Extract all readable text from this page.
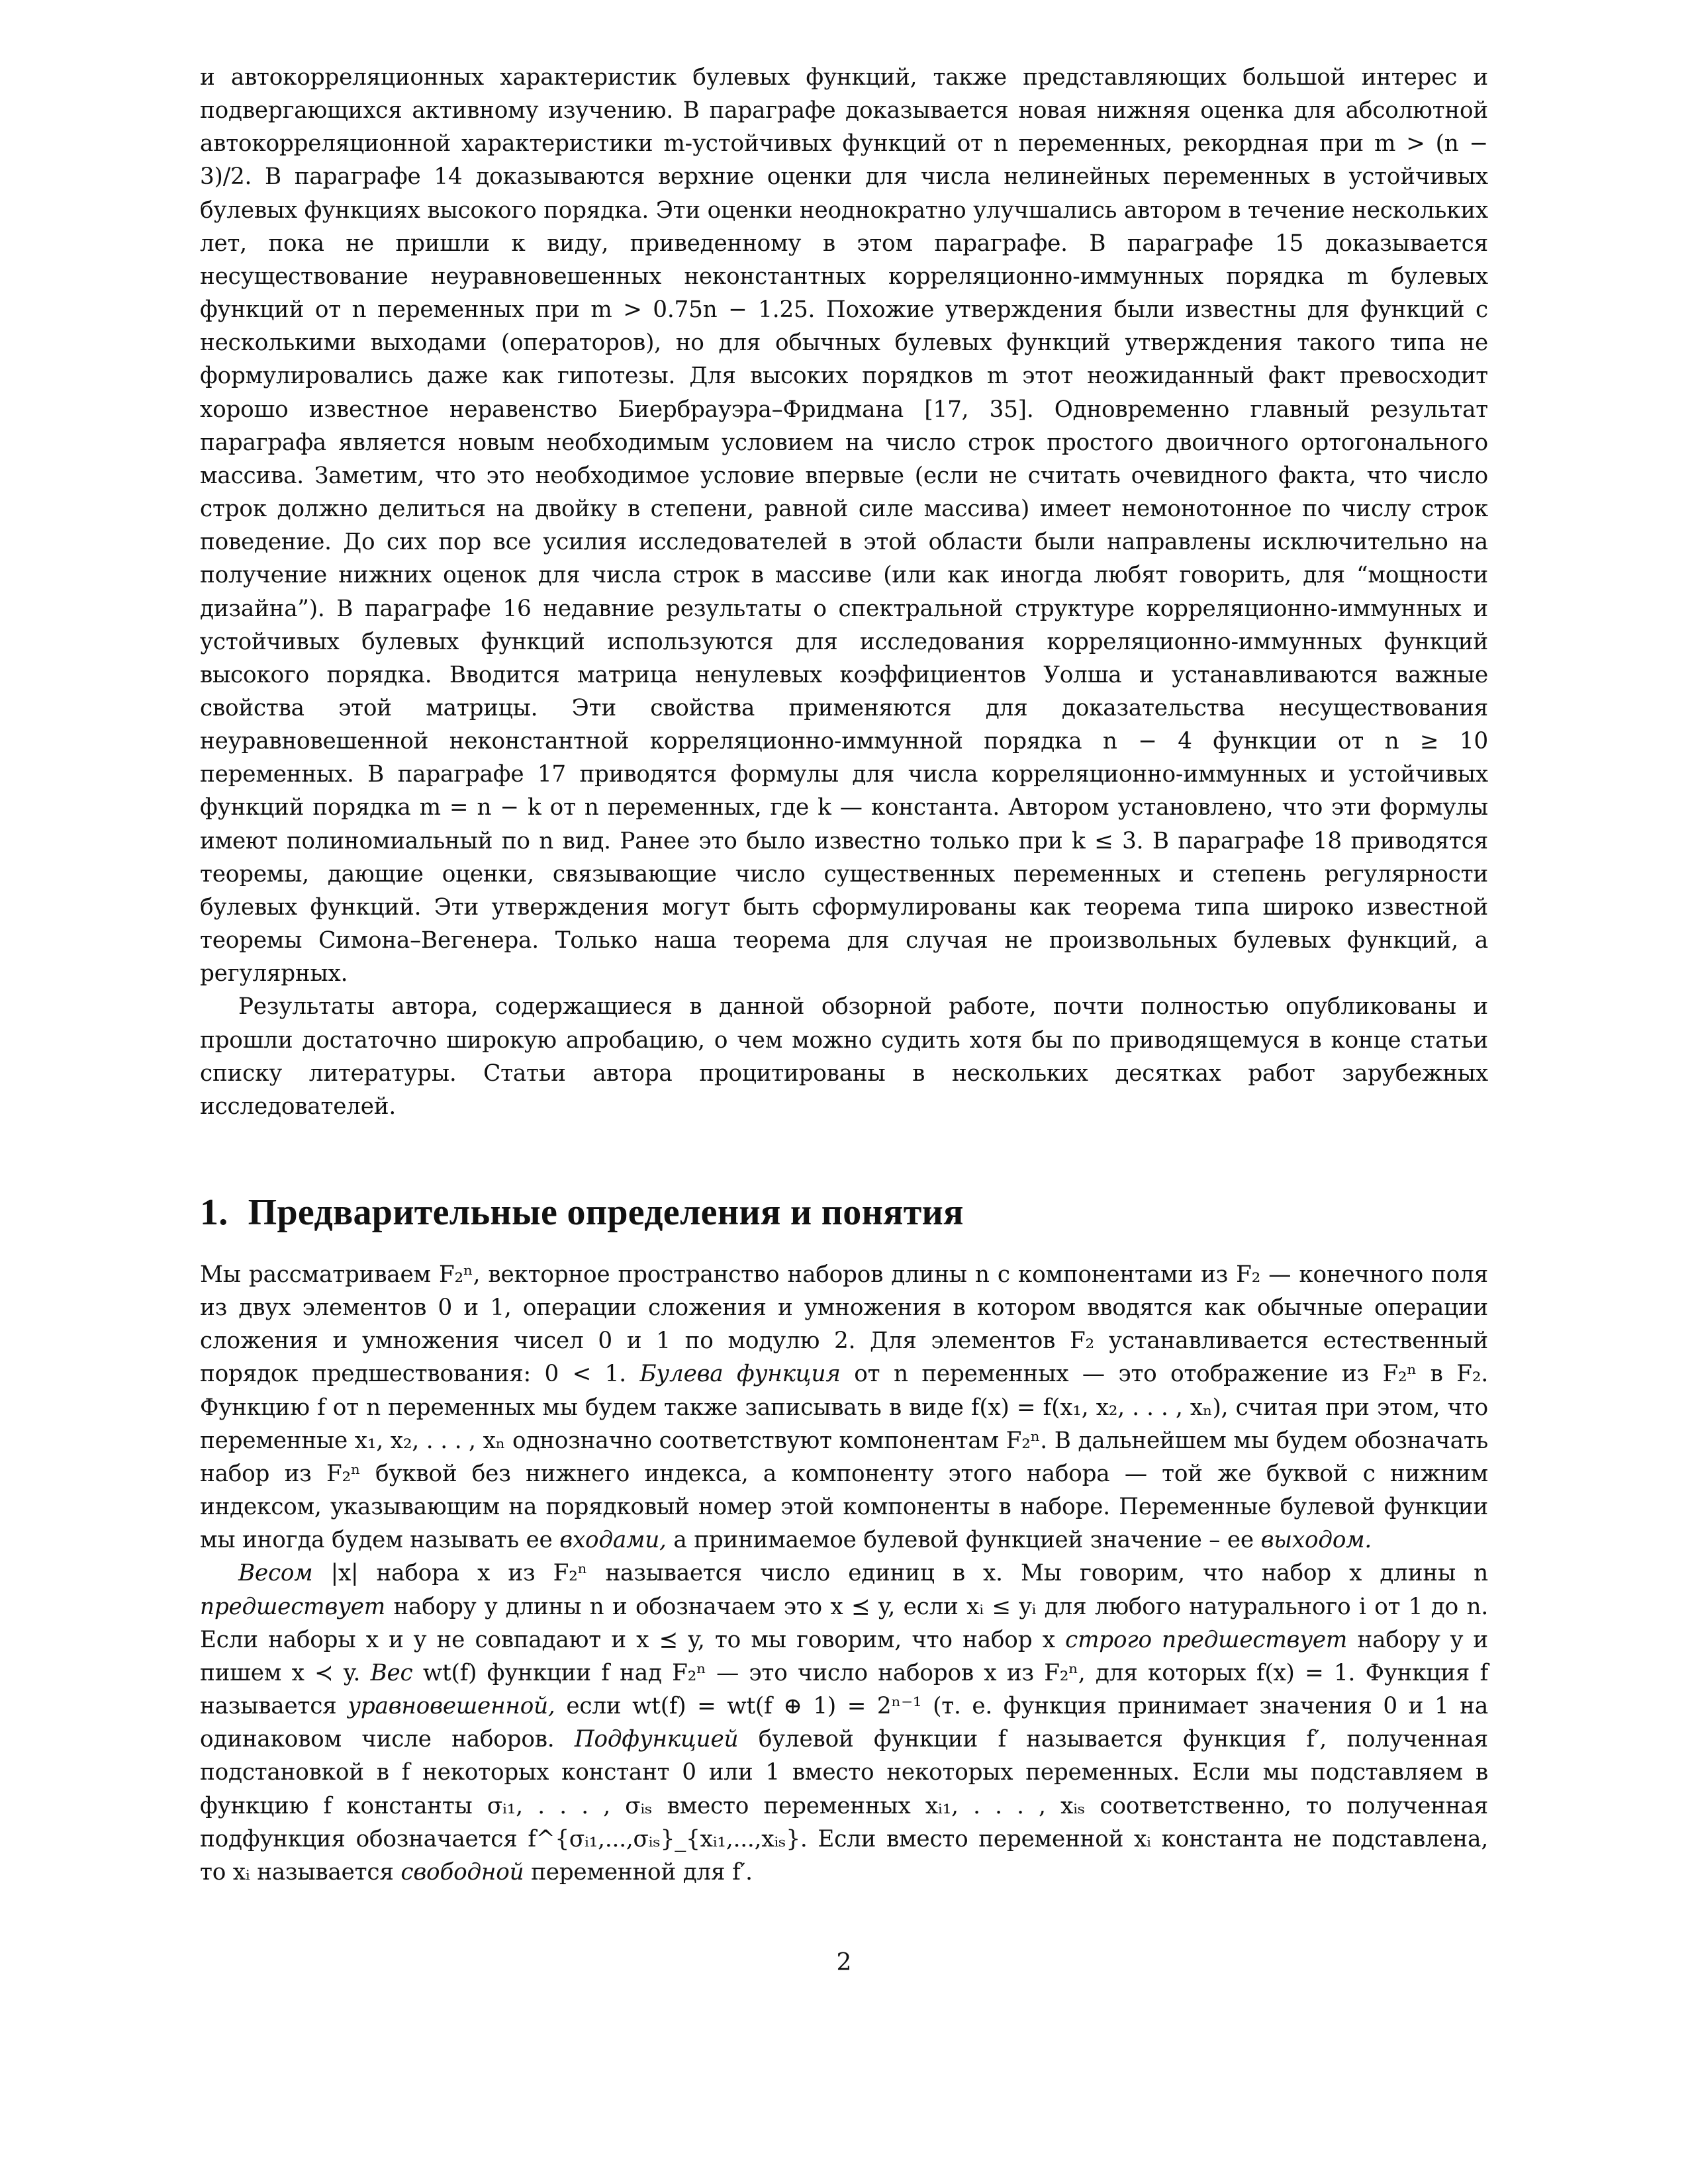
и автокорреляционных характеристик булевых функций, также представляющих большой интерес и подвергающихся активному изучению. В параграфе доказывается новая нижняя оценка для абсолютной автокорреляционной характеристики m-устойчивых функций от n переменных, рекордная при m > (n − 3)/2. В параграфе 14 доказываются верхние оценки для числа нелинейных переменных в устойчивых булевых функциях высокого порядка. Эти оценки неоднократно улучшались автором в течение нескольких лет, пока не пришли к виду, приведенному в этом параграфе. В параграфе 15 доказывается несуществование неуравновешенных неконстантных корреляционно-иммунных порядка m булевых функций от n переменных при m > 0.75n − 1.25. Похожие утверждения были известны для функций с несколькими выходами (операторов), но для обычных булевых функций утверждения такого типа не формулировались даже как гипотезы. Для высоких порядков m этот неожиданный факт превосходит хорошо известное неравенство Биербрауэра–Фридмана [17, 35]. Одновременно главный результат параграфа является новым необходимым условием на число строк простого двоичного ортогонального массива. Заметим, что это необходимое условие впервые (если не считать очевидного факта, что число строк должно делиться на двойку в степени, равной силе массива) имеет немонотонное по числу строк поведение. До сих пор все усилия исследователей в этой области были направлены исключительно на получение нижних оценок для числа строк в массиве (или как иногда любят говорить, для “мощности дизайна”). В параграфе 16 недавние результаты о спектральной структуре корреляционно-иммунных и устойчивых булевых функций используются для исследования корреляционно-иммунных функций высокого порядка. Вводится матрица ненулевых коэффициентов Уолша и устанавливаются важные свойства этой матрицы. Эти свойства применяются для доказательства несуществования неуравновешенной неконстантной корреляционно-иммунной порядка n − 4 функции от n ≥ 10 переменных. В параграфе 17 приводятся формулы для числа корреляционно-иммунных и устойчивых функций порядка m = n − k от n переменных, где k — константа. Автором установлено, что эти формулы имеют полиномиальный по n вид. Ранее это было известно только при k ≤ 3. В параграфе 18 приводятся теоремы, дающие оценки, связывающие число существенных переменных и степень регулярности булевых функций. Эти утверждения могут быть сформулированы как теорема типа широко известной теоремы Симона–Вегенера. Только наша теорема для случая не произвольных булевых функций, а регулярных.

Результаты автора, содержащиеся в данной обзорной работе, почти полностью опубликованы и прошли достаточно широкую апробацию, о чем можно судить хотя бы по приводящемуся в конце статьи списку литературы. Статьи автора процитированы в нескольких десятках работ зарубежных исследователей.

1. Предварительные определения и понятия

Мы рассматриваем F₂ⁿ, векторное пространство наборов длины n с компонентами из F₂ — конечного поля из двух элементов 0 и 1, операции сложения и умножения в котором вводятся как обычные операции сложения и умножения чисел 0 и 1 по модулю 2. Для элементов F₂ устанавливается естественный порядок предшествования: 0 < 1. Булева функция от n переменных — это отображение из F₂ⁿ в F₂. Функцию f от n переменных мы будем также записывать в виде f(x) = f(x₁, x₂, . . . , xₙ), считая при этом, что переменные x₁, x₂, . . . , xₙ однозначно соответствуют компонентам F₂ⁿ. В дальнейшем мы будем обозначать набор из F₂ⁿ буквой без нижнего индекса, а компоненту этого набора — той же буквой с нижним индексом, указывающим на порядковый номер этой компоненты в наборе. Переменные булевой функции мы иногда будем называть ее входами, а принимаемое булевой функцией значение – ее выходом.

Весом |x| набора x из F₂ⁿ называется число единиц в x. Мы говорим, что набор x длины n предшествует набору y длины n и обозначаем это x ⪯ y, если xᵢ ≤ yᵢ для любого натурального i от 1 до n. Если наборы x и y не совпадают и x ⪯ y, то мы говорим, что набор x строго предшествует набору y и пишем x ≺ y. Вес wt(f) функции f над F₂ⁿ — это число наборов x из F₂ⁿ, для которых f(x) = 1. Функция f называется уравновешенной, если wt(f) = wt(f ⊕ 1) = 2ⁿ⁻¹ (т. е. функция принимает значения 0 и 1 на одинаковом числе наборов. Подфункцией булевой функции f называется функция f′, полученная подстановкой в f некоторых констант 0 или 1 вместо некоторых переменных. Если мы подставляем в функцию f константы σᵢ₁, . . . , σᵢₛ вместо переменных xᵢ₁, . . . , xᵢₛ соответственно, то полученная подфункция обозначается f^{σᵢ₁,...,σᵢₛ}_{xᵢ₁,...,xᵢₛ}. Если вместо переменной xᵢ константа не подставлена, то xᵢ называется свободной переменной для f′.

2
